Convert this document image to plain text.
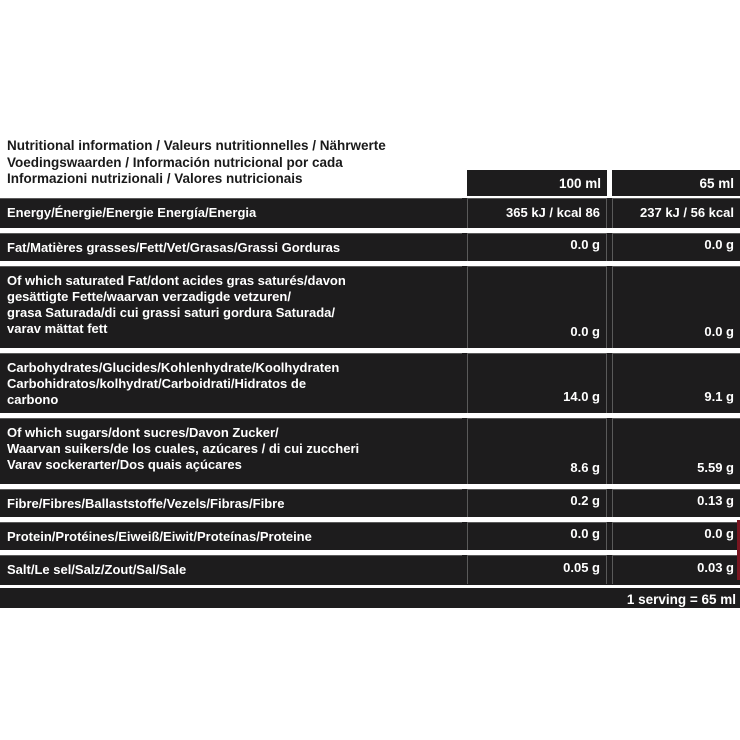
Nutritional information / Valeurs nutritionnelles / Nährwerte
Voedingswaarden / Información nutricional por cada
Informazioni nutrizionali / Valores nutricionais	100 ml	65 ml
Energy/Énergie/Energie Energía/Energia	365 kJ / kcal 86	237 kJ / 56 kcal
Fat/Matières grasses/Fett/Vet/Grasas/Grassi Gorduras	0.0 g	0.0 g
Of which saturated Fat/dont acides gras saturés/davon
gesättigte Fette/waarvan verzadigde vetzuren/
grasa Saturada/di cui grassi saturi gordura Saturada/
varav mättat fett	0.0 g	0.0 g
Carbohydrates/Glucides/Kohlenhydrate/Koolhydraten
Carbohidratos/kolhydrat/Carboidrati/Hidratos de
carbono	14.0 g	9.1 g
Of which sugars/dont sucres/Davon Zucker/
Waarvan suikers/de los cuales, azúcares / di cui zuccheri
Varav sockerarter/Dos quais açúcares	8.6 g	5.59 g
Fibre/Fibres/Ballaststoffe/Vezels/Fibras/Fibre	0.2 g	0.13 g
Protein/Protéines/Eiweiß/Eiwit/Proteínas/Proteine	0.0 g	0.0 g
Salt/Le sel/Salz/Zout/Sal/Sale	0.05 g	0.03 g
1 serving = 65 ml
